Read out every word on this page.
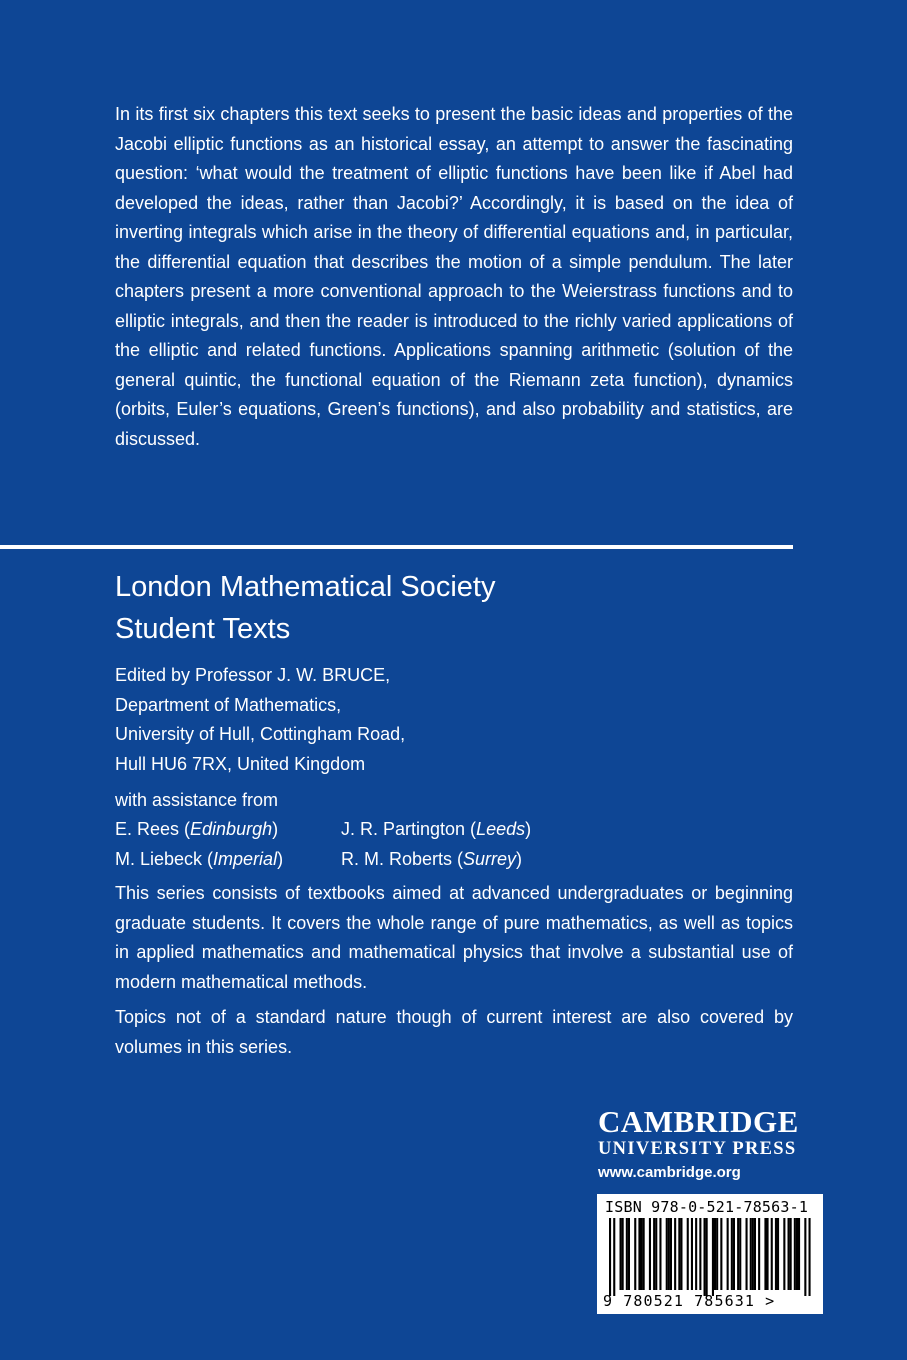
In its first six chapters this text seeks to present the basic ideas and properties of the Jacobi elliptic functions as an historical essay, an attempt to answer the fascinating question: ‘what would the treatment of elliptic functions have been like if Abel had developed the ideas, rather than Jacobi?’ Accordingly, it is based on the idea of inverting integrals which arise in the theory of differential equations and, in particular, the differential equation that describes the motion of a simple pendulum. The later chapters present a more conventional approach to the Weierstrass functions and to elliptic integrals, and then the reader is introduced to the richly varied applications of the elliptic and related functions. Applications spanning arithmetic (solution of the general quintic, the functional equation of the Riemann zeta function), dynamics (orbits, Euler’s equations, Green’s functions), and also probability and statistics, are discussed.

London Mathematical Society
Student Texts
Edited by Professor J. W. BRUCE,
Department of Mathematics,
University of Hull, Cottingham Road,
Hull HU6 7RX, United Kingdom
with assistance from
E. Rees (Edinburgh)	J. R. Partington (Leeds)
M. Liebeck (Imperial)	R. M. Roberts (Surrey)

This series consists of textbooks aimed at advanced undergraduates or beginning graduate students. It covers the whole range of pure mathematics, as well as topics in applied mathematics and mathematical physics that involve a substantial use of modern mathematical methods.

Topics not of a standard nature though of current interest are also covered by volumes in this series.

CAMBRIDGE
UNIVERSITY PRESS
www.cambridge.org
ISBN 978-0-521-78563-1
9 780521 785631 >
